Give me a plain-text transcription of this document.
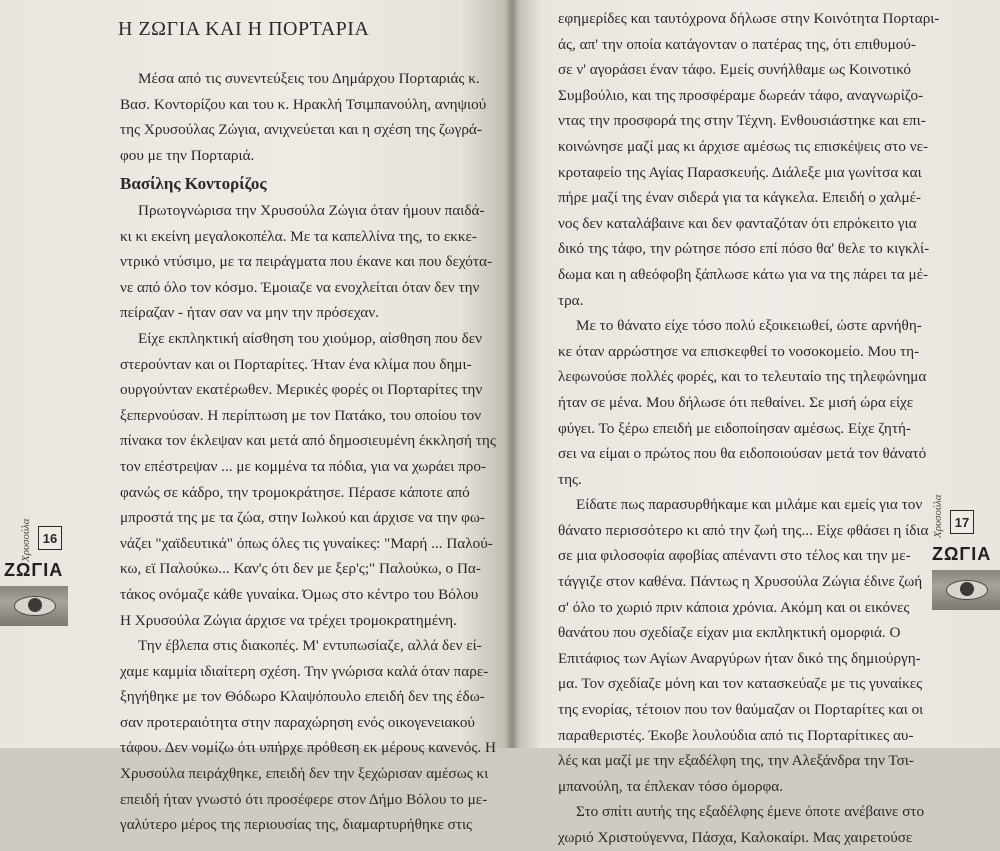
Η ΖΩΓΙΑ ΚΑΙ Η ΠΟΡΤΑΡΙΑ
Μέσα από τις συνεντεύξεις του Δημάρχου Πορταριάς κ.
Βασ. Κοντορίζου και του κ. Ηρακλή Τσιμπανούλη, ανηψιού
της Χρυσούλας Ζώγια, ανιχνεύεται και η σχέση της ζωγρά-
φου με την Πορταριά.
Βασίλης Κοντορίζος
Πρωτογνώρισα την Χρυσούλα Ζώγια όταν ήμουν παιδά-
κι κι εκείνη μεγαλοκοπέλα. Με τα καπελλίνα της, το εκκε-
ντρικό ντύσιμο, με τα πειράγματα που έκανε και που δεχότα-
νε από όλο τον κόσμο. Έμοιαζε να ενοχλείται όταν δεν την
πείραζαν - ήταν σαν να μην την πρόσεχαν.
Είχε εκπληκτική αίσθηση του χιούμορ, αίσθηση που δεν
στερούνταν και οι Πορταρίτες. Ήταν ένα κλίμα που δημι-
ουργούνταν εκατέρωθεν. Μερικές φορές οι Πορταρίτες την
ξεπερνούσαν. Η περίπτωση με τον Πατάκο, του οποίου τον
πίνακα τον έκλεψαν και μετά από δημοσιευμένη έκκλησή της
τον επέστρεψαν ... με κομμένα τα πόδια, για να χωράει προ-
φανώς σε κάδρο, την τρομοκράτησε. Πέρασε κάποτε από
μπροστά της με τα ζώα, στην Ιωλκού και άρχισε να την φω-
νάζει "χαϊδευτικά" όπως όλες τις γυναίκες: "Μαρή ... Παλού-
κω, εϊ Παλούκω... Καν'ς ότι δεν με ξερ'ς;" Παλούκω, ο Πα-
τάκος ονόμαζε κάθε γυναίκα. Όμως στο κέντρο του Βόλου
Η Χρυσούλα Ζώγια άρχισε να τρέχει τρομοκρατημένη.
Την έβλεπα στις διακοπές. Μ' εντυπωσίαζε, αλλά δεν εί-
χαμε καμμία ιδιαίτερη σχέση. Την γνώρισα καλά όταν παρε-
ξηγήθηκε με τον Θόδωρο Κλαψόπουλο επειδή δεν της έδω-
σαν προτεραιότητα στην παραχώρηση ενός οικογενειακού
τάφου. Δεν νομίζω ότι υπήρχε πρόθεση εκ μέρους κανενός. Η
Χρυσούλα πειράχθηκε, επειδή δεν την ξεχώρισαν αμέσως κι
επειδή ήταν γνωστό ότι προσέφερε στον Δήμο Βόλου το με-
γαλύτερο μέρος της περιουσίας της, διαμαρτυρήθηκε στις
Χρυσούλα 16
ΖΩΓΙΑ
Χρυσούλα 17
ΖΩΓΙΑ
εφημερίδες και ταυτόχρονα δήλωσε στην Κοινότητα Πορταρι-
άς, απ' την οποία κατάγονταν ο πατέρας της, ότι επιθυμού-
σε ν' αγοράσει έναν τάφο. Εμείς συνήλθαμε ως Κοινοτικό
Συμβούλιο, και της προσφέραμε δωρεάν τάφο, αναγνωρίζο-
ντας την προσφορά της στην Τέχνη. Ενθουσιάστηκε και επι-
κοινώνησε μαζί μας κι άρχισε αμέσως τις επισκέψεις στο νε-
κροταφείο της Αγίας Παρασκευής. Διάλεξε μια γωνίτσα και
πήρε μαζί της έναν σιδερά για τα κάγκελα. Επειδή ο χαλμέ-
νος δεν καταλάβαινε και δεν φανταζόταν ότι επρόκειτο για
δικό της τάφο, την ρώτησε πόσο επί πόσο θα' θελε το κιγκλί-
δωμα και η αθεόφοβη ξάπλωσε κάτω για να της πάρει τα μέ-
τρα.
Με το θάνατο είχε τόσο πολύ εξοικειωθεί, ώστε αρνήθη-
κε όταν αρρώστησε να επισκεφθεί το νοσοκομείο. Μου τη-
λεφωνούσε πολλές φορές, και το τελευταίο της τηλεφώνημα
ήταν σε μένα. Μου δήλωσε ότι πεθαίνει. Σε μισή ώρα είχε
φύγει. Το ξέρω επειδή με ειδοποίησαν αμέσως. Είχε ζητή-
σει να είμαι ο πρώτος που θα ειδοποιούσαν μετά τον θάνατό
της.
Είδατε πως παρασυρθήκαμε και μιλάμε και εμείς για τον
θάνατο περισσότερο κι από την ζωή της... Είχε φθάσει η ίδια
σε μια φιλοσοφία αφοβίας απέναντι στο τέλος και την με-
τάγγιζε στον καθένα. Πάντως η Χρυσούλα Ζώγια έδινε ζωή
σ' όλο το χωριό πριν κάποια χρόνια. Ακόμη και οι εικόνες
θανάτου που σχεδίαζε είχαν μια εκπληκτική ομορφιά. Ο
Επιτάφιος των Αγίων Αναργύρων ήταν δικό της δημιούργη-
μα. Τον σχεδίαζε μόνη και τον κατασκεύαζε με τις γυναίκες
της ενορίας, τέτοιον που τον θαύμαζαν οι Πορταρίτες και οι
παραθεριστές. Έκοβε λουλούδια από τις Πορταρίτικες αυ-
λές και μαζί με την εξαδέλφη της, την Αλεξάνδρα την Τσι-
μπανούλη, τα έπλεκαν τόσο όμορφα.
Στο σπίτι αυτής της εξαδέλφης έμενε όποτε ανέβαινε στο
χωριό Χριστούγεννα, Πάσχα, Καλοκαίρι. Μας χαιρετούσε
